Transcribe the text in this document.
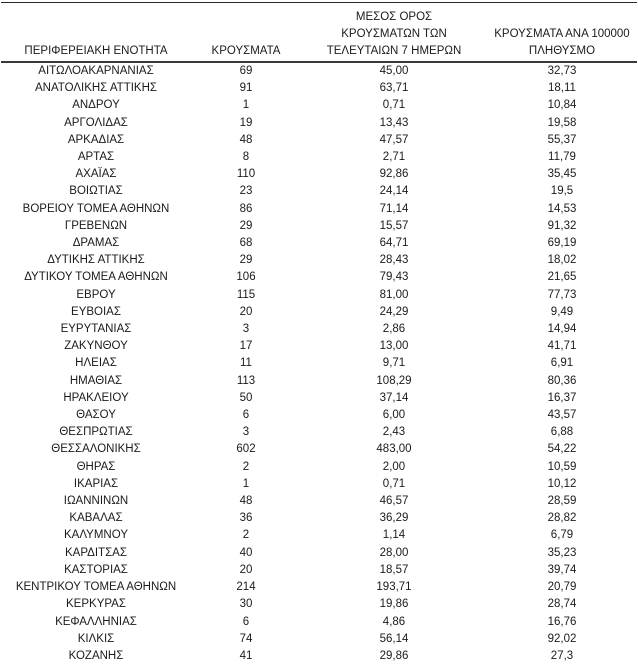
ΠΕΡΙΦΕΡΕΙΑΚΗ ΕΝΟΤΗΤΑ	ΚΡΟΥΣΜΑΤΑ	ΜΕΣΟΣ ΟΡΟΣ
ΚΡΟΥΣΜΑΤΩΝ ΤΩΝ
ΤΕΛΕΥΤΑΙΩΝ 7 ΗΜΕΡΩΝ	ΚΡΟΥΣΜΑΤΑ ΑΝΑ 100000
ΠΛΗΘΥΣΜΟ

ΑΙΤΩΛΟΑΚΑΡΝΑΝΙΑΣ	69	45,00	32,73
ΑΝΑΤΟΛΙΚΗΣ ΑΤΤΙΚΗΣ	91	63,71	18,11
ΑΝΔΡΟΥ	1	0,71	10,84
ΑΡΓΟΛΙΔΑΣ	19	13,43	19,58
ΑΡΚΑΔΙΑΣ	48	47,57	55,37
ΑΡΤΑΣ	8	2,71	11,79
ΑΧΑΪΑΣ	110	92,86	35,45
ΒΟΙΩΤΙΑΣ	23	24,14	19,5
ΒΟΡΕΙΟΥ ΤΟΜΕΑ ΑΘΗΝΩΝ	86	71,14	14,53
ΓΡΕΒΕΝΩΝ	29	15,57	91,32
ΔΡΑΜΑΣ	68	64,71	69,19
ΔΥΤΙΚΗΣ ΑΤΤΙΚΗΣ	29	28,43	18,02
ΔΥΤΙΚΟΥ ΤΟΜΕΑ ΑΘΗΝΩΝ	106	79,43	21,65
ΕΒΡΟΥ	115	81,00	77,73
ΕΥΒΟΙΑΣ	20	24,29	9,49
ΕΥΡΥΤΑΝΙΑΣ	3	2,86	14,94
ΖΑΚΥΝΘΟΥ	17	13,00	41,71
ΗΛΕΙΑΣ	11	9,71	6,91
ΗΜΑΘΙΑΣ	113	108,29	80,36
ΗΡΑΚΛΕΙΟΥ	50	37,14	16,37
ΘΑΣΟΥ	6	6,00	43,57
ΘΕΣΠΡΩΤΙΑΣ	3	2,43	6,88
ΘΕΣΣΑΛΟΝΙΚΗΣ	602	483,00	54,22
ΘΗΡΑΣ	2	2,00	10,59
ΙΚΑΡΙΑΣ	1	0,71	10,12
ΙΩΑΝΝΙΝΩΝ	48	46,57	28,59
ΚΑΒΑΛΑΣ	36	36,29	28,82
ΚΑΛΥΜΝΟΥ	2	1,14	6,79
ΚΑΡΔΙΤΣΑΣ	40	28,00	35,23
ΚΑΣΤΟΡΙΑΣ	20	18,57	39,74
ΚΕΝΤΡΙΚΟΥ ΤΟΜΕΑ ΑΘΗΝΩΝ	214	193,71	20,79
ΚΕΡΚΥΡΑΣ	30	19,86	28,74
ΚΕΦΑΛΛΗΝΙΑΣ	6	4,86	16,76
ΚΙΛΚΙΣ	74	56,14	92,02
ΚΟΖΑΝΗΣ	41	29,86	27,3
